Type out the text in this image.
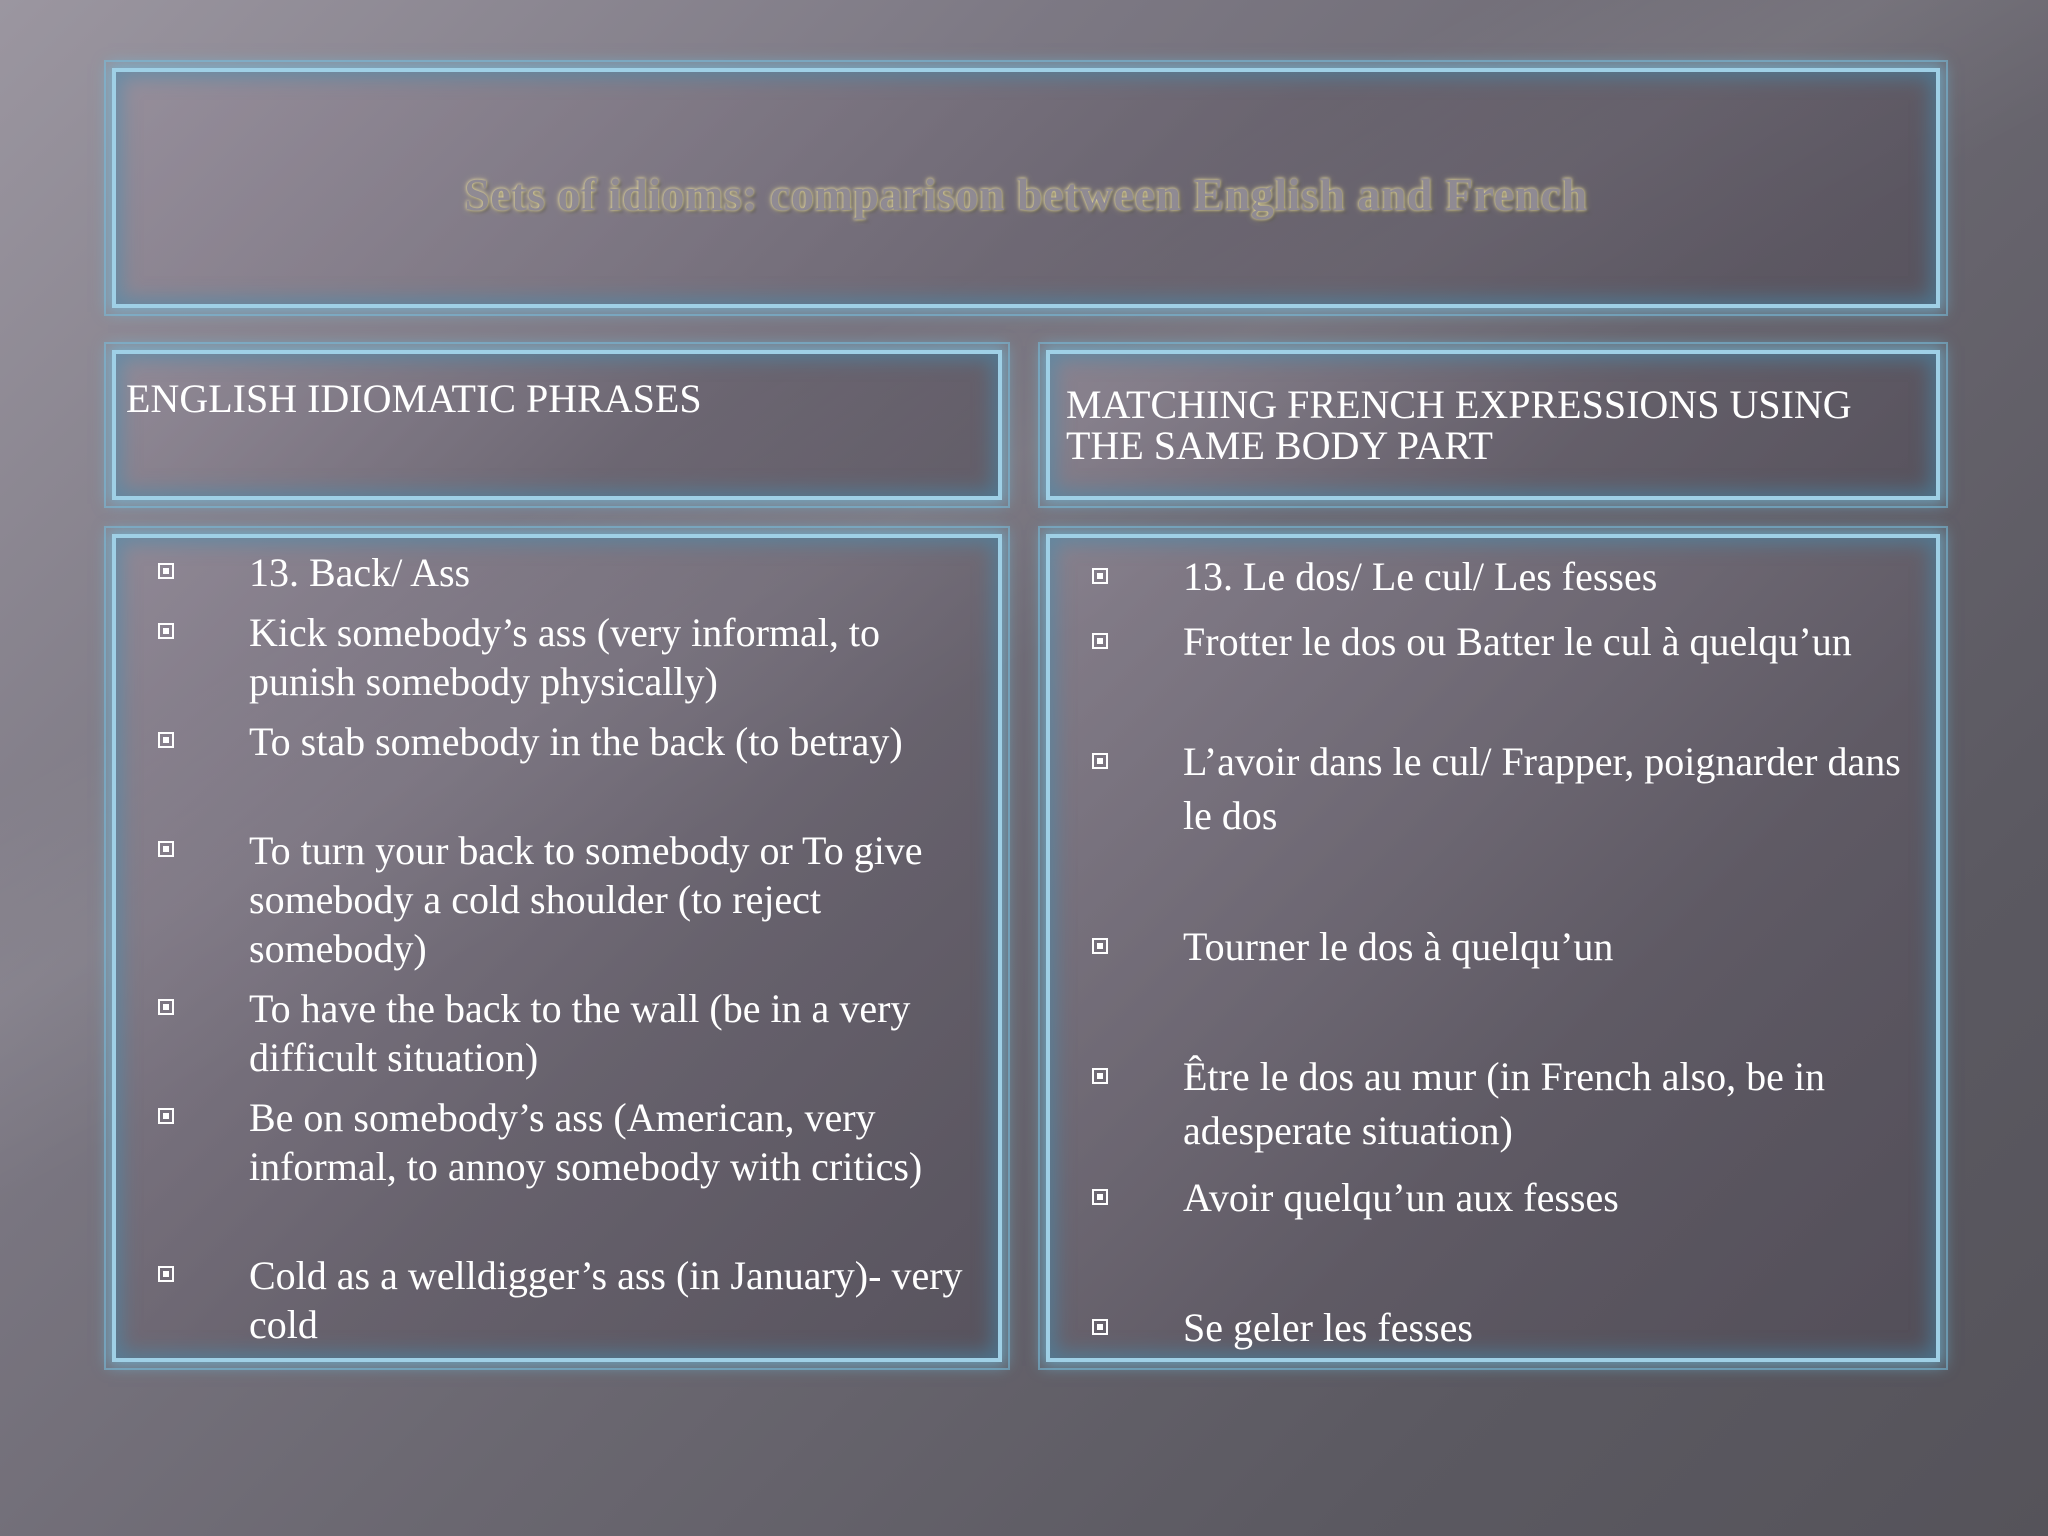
Sets of idioms: comparison between English and French
ENGLISH IDIOMATIC PHRASES	MATCHING FRENCH EXPRESSIONS USING THE SAME BODY PART
13. Back/ Ass
Kick somebody’s ass (very informal, to punish somebody physically)
To stab somebody in the back (to betray)
To turn your back to somebody or To give somebody a cold shoulder (to reject somebody)
To have the back to the wall (be in a very difficult situation)
Be on somebody’s ass (American, very informal, to annoy somebody with critics)
Cold as a welldigger’s ass (in January)- very cold
13. Le dos/ Le cul/ Les fesses
Frotter le dos ou Batter le cul à quelqu’un
L’avoir dans le cul/ Frapper, poignarder dans le dos
Tourner le dos à quelqu’un
Être le dos au mur (in French also, be in adesperate situation)
Avoir quelqu’un aux fesses
Se geler les fesses
